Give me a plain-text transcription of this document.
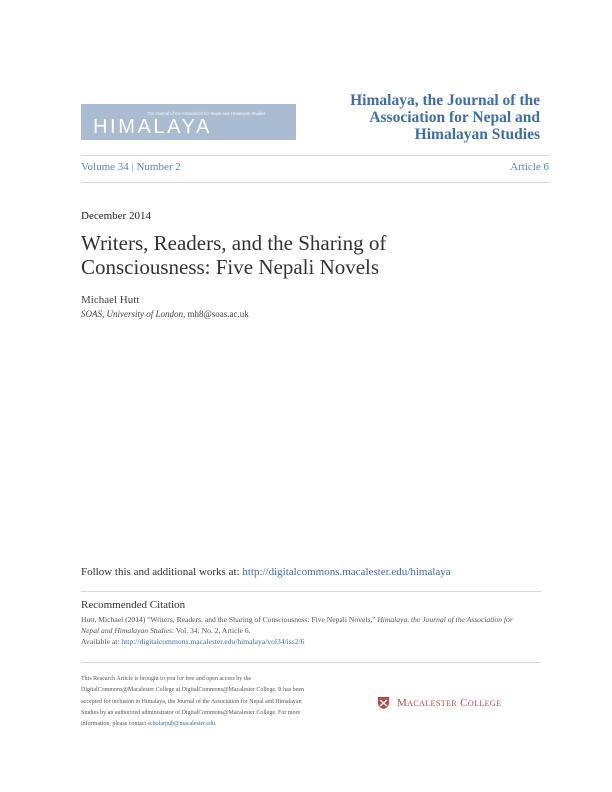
The Journal of the Association for Nepal and Himalayan Studies
HIMALAYA
Himalaya, the Journal of the Association for Nepal and Himalayan Studies
Volume 34 | Number 2	Article 6
December 2014
Writers, Readers, and the Sharing of Consciousness: Five Nepali Novels
Michael Hutt
SOAS, University of London, mh8@soas.ac.uk
Follow this and additional works at: http://digitalcommons.macalester.edu/himalaya
Recommended Citation
Hutt, Michael (2014) "Writers, Readers, and the Sharing of Consciousness: Five Nepali Novels," Himalaya, the Journal of the Association for Nepal and Himalayan Studies: Vol. 34: No. 2, Article 6.
Available at: http://digitalcommons.macalester.edu/himalaya/vol34/iss2/6
This Research Article is brought to you for free and open access by the DigitalCommons@Macalester College at DigitalCommons@Macalester College. It has been accepted for inclusion in Himalaya, the Journal of the Association for Nepal and Himalayan Studies by an authorized administrator of DigitalCommons@Macalester College. For more information, please contact scholarpub@macalester.edu.
Macalester College
